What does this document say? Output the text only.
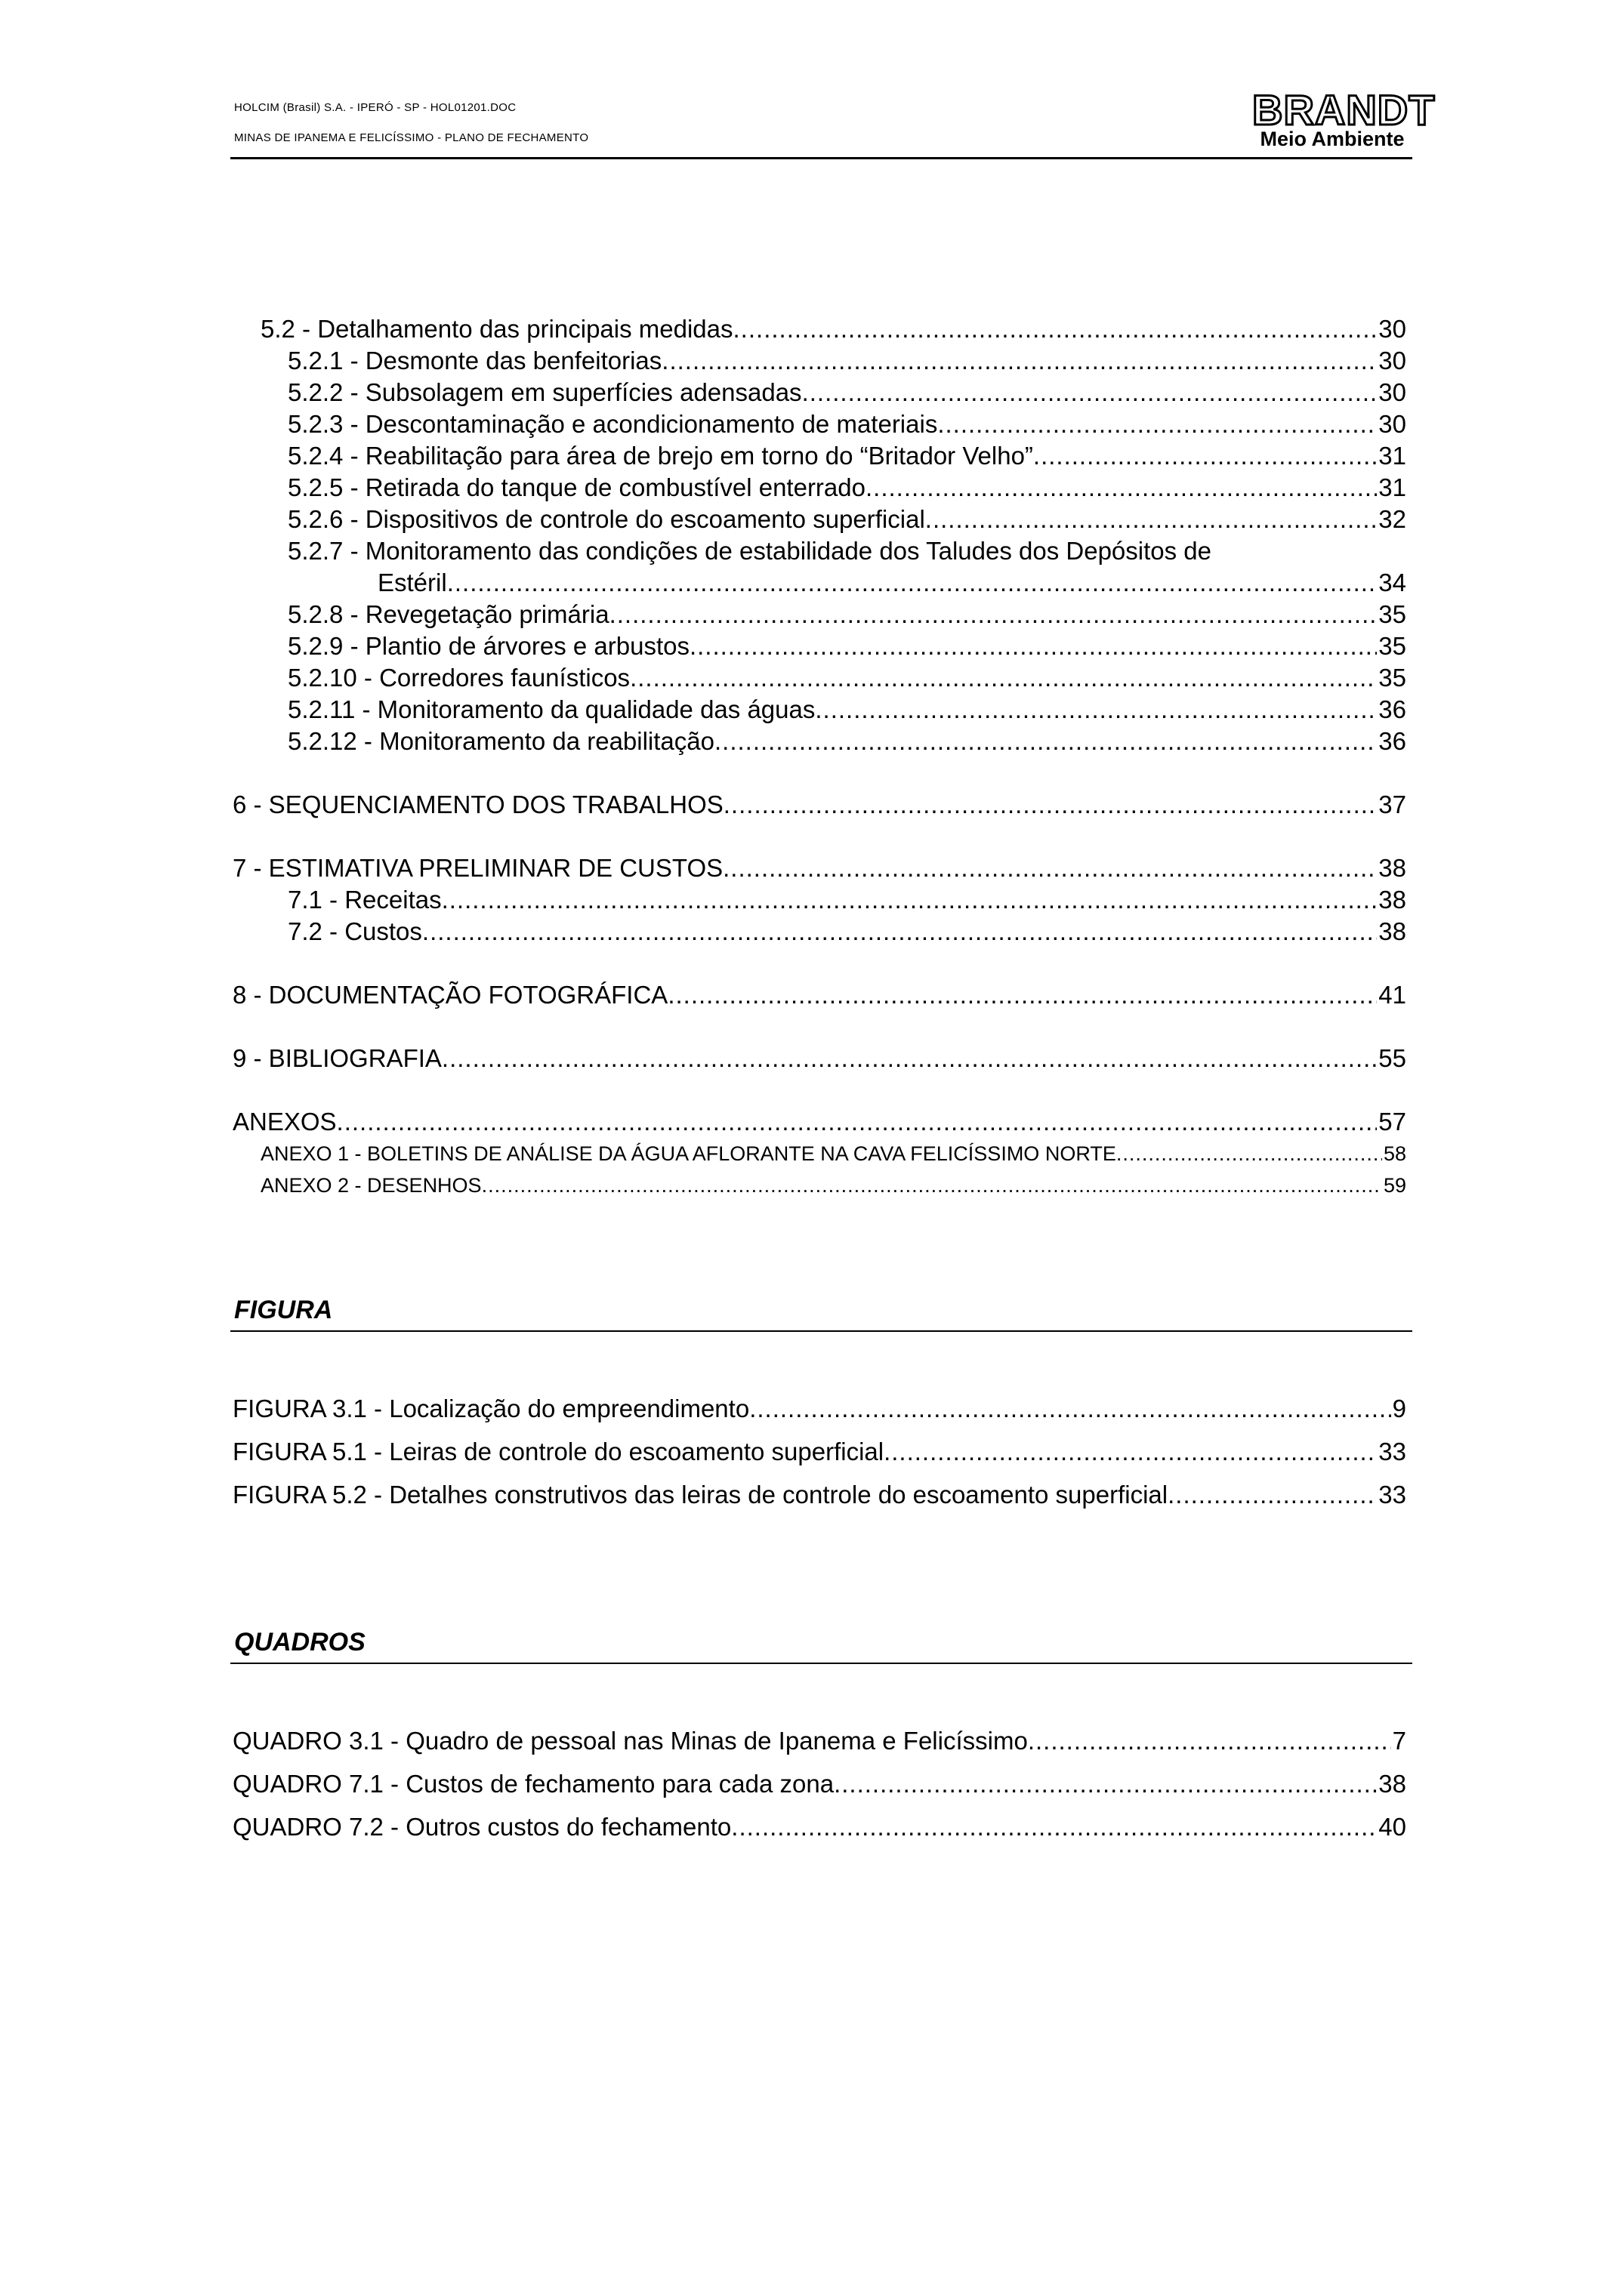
HOLCIM (Brasil) S.A. - IPERÓ - SP - HOL01201.DOC
MINAS DE IPANEMA E FELICÍSSIMO - PLANO DE FECHAMENTO
BRANDT
Meio Ambiente
5.2 - Detalhamento das principais medidas .....	30
5.2.1 - Desmonte das benfeitorias .....	30
5.2.2 - Subsolagem em superfícies adensadas .....	30
5.2.3 - Descontaminação e acondicionamento de materiais .....	30
5.2.4 - Reabilitação para área de brejo em torno do “Britador Velho” .....	31
5.2.5 - Retirada do tanque de combustível enterrado .....	31
5.2.6 - Dispositivos de controle do escoamento superficial .....	32
5.2.7 - Monitoramento das condições de estabilidade dos Taludes dos Depósitos de
Estéril .....	34
5.2.8 - Revegetação primária .....	35
5.2.9 - Plantio de árvores e arbustos .....	35
5.2.10 - Corredores faunísticos .....	35
5.2.11 - Monitoramento da qualidade das águas .....	36
5.2.12 - Monitoramento da reabilitação .....	36
6 - SEQUENCIAMENTO DOS TRABALHOS .....	37
7 - ESTIMATIVA PRELIMINAR DE CUSTOS .....	38
7.1 - Receitas .....	38
7.2 - Custos .....	38
8 - DOCUMENTAÇÃO FOTOGRÁFICA .....	41
9 - BIBLIOGRAFIA .....	55
ANEXOS .....	57
ANEXO 1 - BOLETINS DE ANÁLISE DA ÁGUA AFLORANTE NA CAVA FELICÍSSIMO NORTE .....	58
ANEXO 2 - DESENHOS .....	59
FIGURA
FIGURA 3.1 - Localização do empreendimento .....	9
FIGURA 5.1 - Leiras de controle do escoamento superficial .....	33
FIGURA 5.2 - Detalhes construtivos das leiras de controle do escoamento superficial .....	33
QUADROS
QUADRO 3.1 - Quadro de pessoal nas Minas de Ipanema e Felicíssimo .....	7
QUADRO 7.1 - Custos de fechamento para cada zona .....	38
QUADRO 7.2 - Outros custos do fechamento .....	40
